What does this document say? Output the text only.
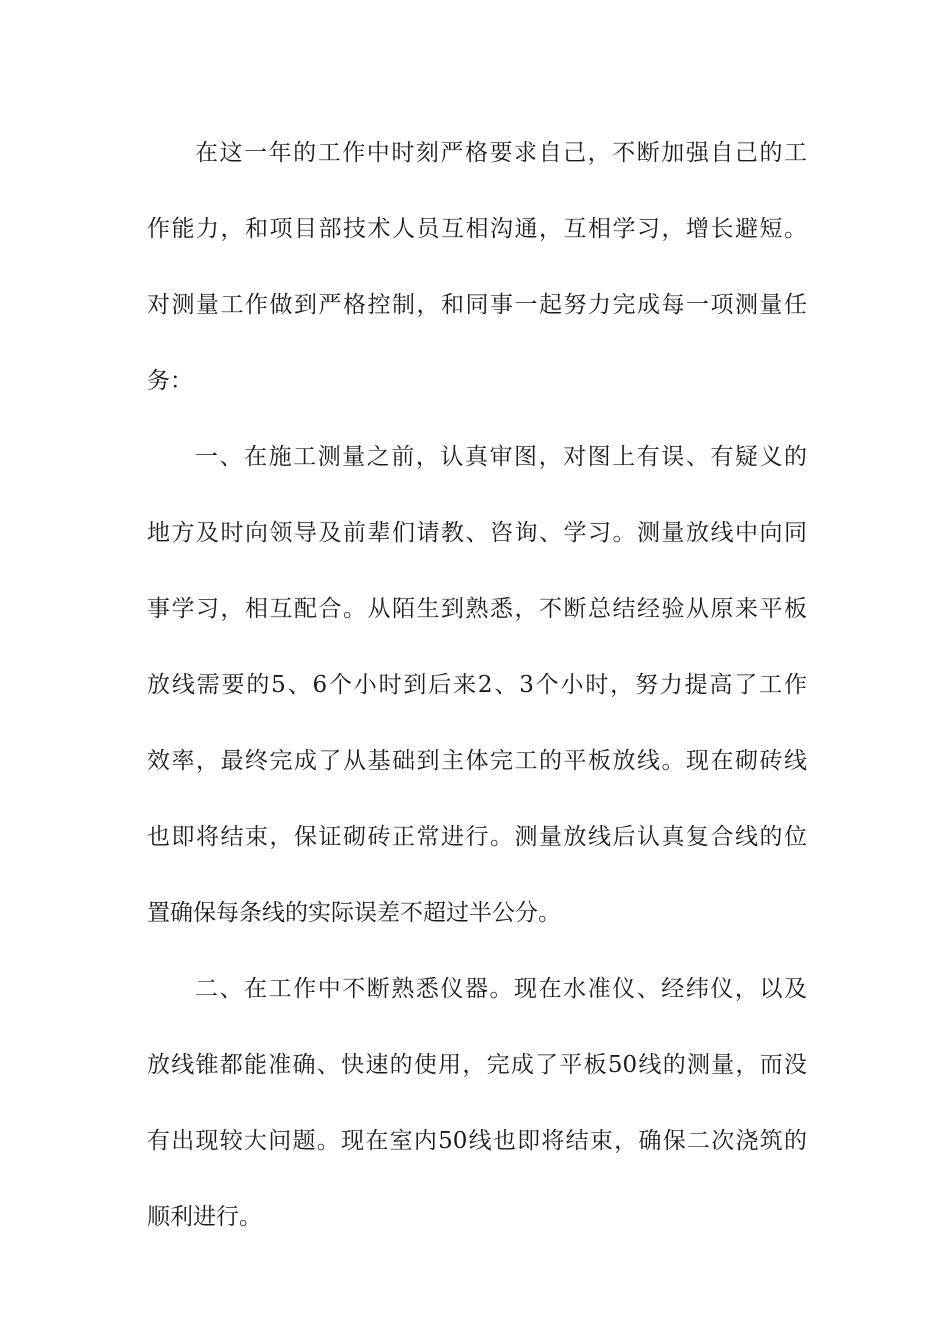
在这一年的工作中时刻严格要求自己，不断加强自己的工

作能力，和项目部技术人员互相沟通，互相学习，增长避短。

对测量工作做到严格控制，和同事一起努力完成每一项测量任

务：

一、在施工测量之前，认真审图，对图上有误、有疑义的

地方及时向领导及前辈们请教、咨询、学习。测量放线中向同

事学习，相互配合。从陌生到熟悉，不断总结经验从原来平板

放线需要的5、6个小时到后来2、3个小时，努力提高了工作

效率，最终完成了从基础到主体完工的平板放线。现在砌砖线

也即将结束，保证砌砖正常进行。测量放线后认真复合线的位

置确保每条线的实际误差不超过半公分。

二、在工作中不断熟悉仪器。现在水准仪、经纬仪，以及

放线锥都能准确、快速的使用，完成了平板50线的测量，而没

有出现较大问题。现在室内50线也即将结束，确保二次浇筑的

顺利进行。
